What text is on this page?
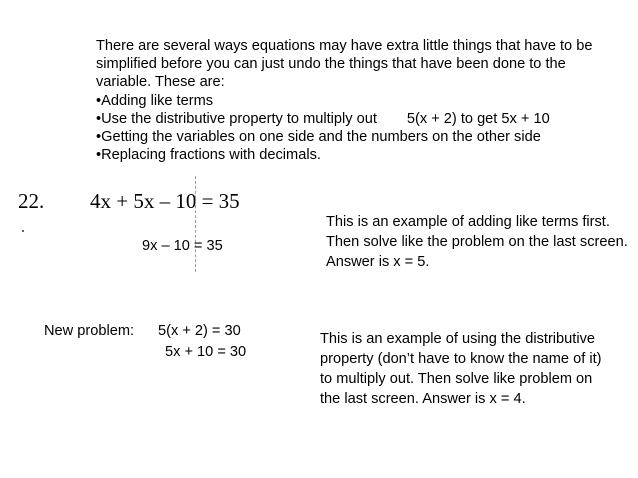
There are several ways equations may have extra little things that have to be

simplified before you can just undo the things that have been done to the

variable. These are:

•Adding like terms

•Use the distributive property to multiply out 5(x + 2) to get 5x + 10

•Getting the variables on one side and the numbers on the other side

•Replacing fractions with decimals.

22. 4x + 5x – 10 = 35
9x – 10 = 35

This is an example of adding like terms first.

Then solve like the problem on the last screen.

Answer is x = 5.

New problem: 5(x + 2) = 30
5x + 10 = 30

This is an example of using the distributive

property (don’t have to know the name of it)

to multiply out. Then solve like problem on

the last screen. Answer is x = 4.
